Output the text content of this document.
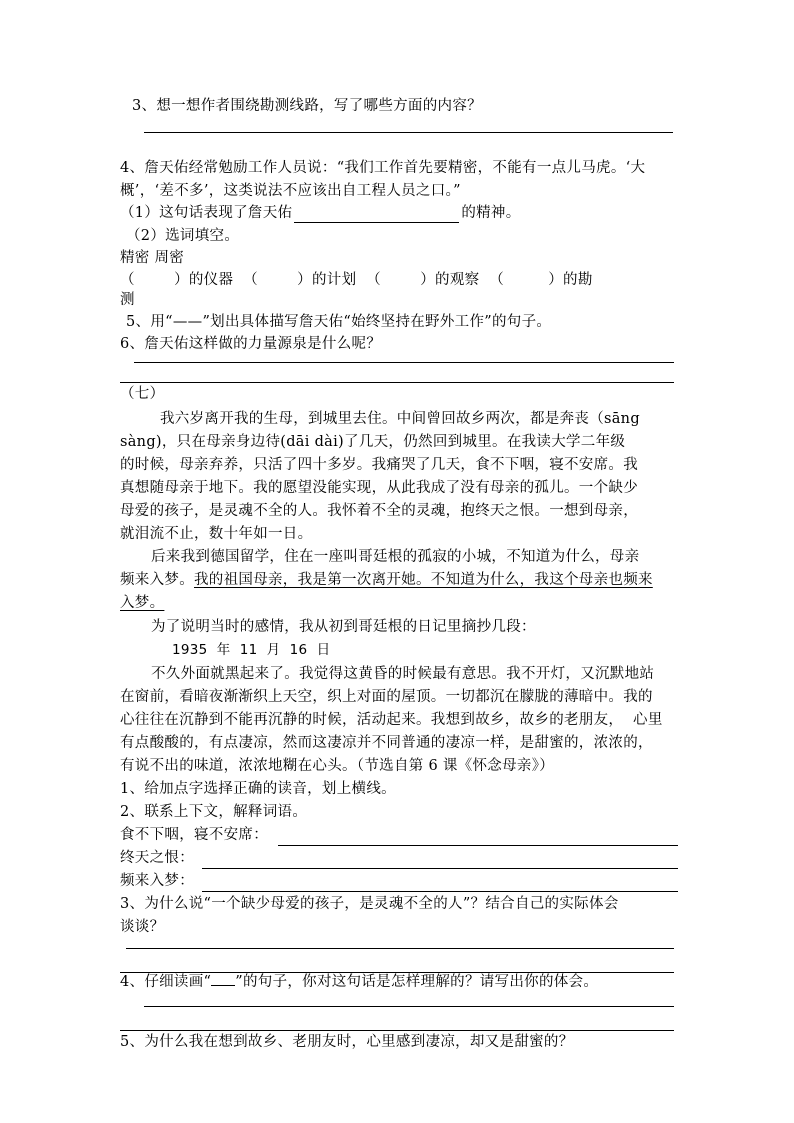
3、想一想作者围绕勘测线路，写了哪些方面的内容？
4、詹天佑经常勉励工作人员说：“我们工作首先要精密，不能有一点儿马虎。‘大
概’，‘差不多’，这类说法不应该出自工程人员之口。”
（1）这句话表现了詹天佑	的精神。
（2）选词填空。
精密 周密
（        ）的仪器  （        ）的计划  （        ）的观察  （         ）的勘
测
5、用“——”划出具体描写詹天佑“始终坚持在野外工作”的句子。
6、詹天佑这样做的力量源泉是什么呢？
（七）
我六岁离开我的生母，到城里去住。中间曾回故乡两次，都是奔丧（sāng
sàng)，只在母亲身边待(dāi dài)了几天，仍然回到城里。在我读大学二年级
的时候，母亲弃养，只活了四十多岁。我痛哭了几天，食不下咽，寝不安席。我
真想随母亲于地下。我的愿望没能实现，从此我成了没有母亲的孤儿。一个缺少
母爱的孩子，是灵魂不全的人。我怀着不全的灵魂，抱终天之恨。一想到母亲，
就泪流不止，数十年如一日。
后来我到德国留学，住在一座叫哥廷根的孤寂的小城，不知道为什么，母亲
频来入梦。我的祖国母亲，我是第一次离开她。不知道为什么，我这个母亲也频来
入梦。
为了说明当时的感情，我从初到哥廷根的日记里摘抄几段：
1935  年  11  月  16  日
不久外面就黑起来了。我觉得这黄昏的时候最有意思。我不开灯，又沉默地站
在窗前，看暗夜渐渐织上天空，织上对面的屋顶。一切都沉在朦胧的薄暗中。我的
心往往在沉静到不能再沉静的时候，活动起来。我想到故乡，故乡的老朋友，  心里
有点酸酸的，有点凄凉，然而这凄凉并不同普通的凄凉一样，是甜蜜的，浓浓的，
有说不出的味道，浓浓地糊在心头。（节选自第 6 课《怀念母亲》）
1、给加点字选择正确的读音，划上横线。
2、联系上下文，解释词语。
食不下咽，寝不安席：
终天之恨：
频来入梦：
3、为什么说“一个缺少母爱的孩子，是灵魂不全的人”？结合自己的实际体会
谈谈？
4、仔细读画“ ”的句子，你对这句话是怎样理解的？请写出你的体会。
5、为什么我在想到故乡、老朋友时，心里感到凄凉，却又是甜蜜的？
